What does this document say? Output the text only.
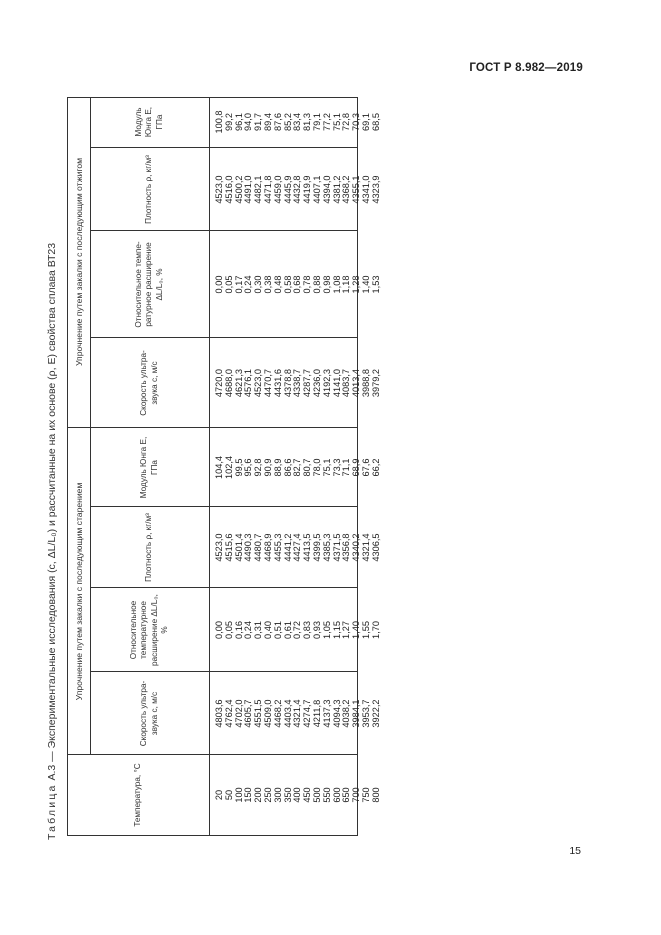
ГОСТ Р 8.982—2019
15
Таблица А.3 — Экспериментальные исследования (c, ΔL/L₀) и рассчитанные на их основе (ρ, E) свойства сплава ВТ23	Упрочнение путем закалки с последующим старением
Упрочнение путем закалки с последующим отжигом
Температура, °С
Скорость ультра-звука c, м/с
Относительное температурное расширение ΔL/L₀, %
Плотность ρ, кг/м³
Модуль Юнга E, ГПа
Скорость ультра-звука c, м/с
Относительное темпе-ратурное расширение ΔL/L₀, %
Плотность ρ, кг/м³
Модуль Юнга E, ГПа
20 50 100 150 200 250 300 350 400 450 500 550 600 650 700 750 800
4803,6 4762,4 4702,0 4605,7 4551,5 4509,0 4468,2 4403,4 4321,4 4274,7 4211,8 4137,3 4094,3 4038,2 3984,1 3953,7 3922,2
0,00 0,05 0,16 0,24 0,31 0,40 0,51 0,61 0,72 0,83 0,93 1,05 1,15 1,27 1,40 1,55 1,70
4523,0 4515,6 4501,4 4490,3 4480,7 4468,9 4455,3 4441,2 4427,4 4413,5 4399,5 4385,3 4371,5 4356,8 4340,2 4321,4 4306,5
104,4 102,4 99,5 95,6 92,8 90,9 88,9 86,6 82,7 80,7 78,0 75,1 73,3 71,1 68,9 67,6 66,2
4720,0 4688,0 4621,3 4576,1 4523,0 4470,7 4431,6 4378,8 4338,7 4287,7 4236,0 4192,3 4141,0 4083,7 4013,4 3988,8 3979,2
0,00 0,05 0,17 0,24 0,30 0,38 0,48 0,58 0,68 0,78 0,88 0,98 1,08 1,18 1,28 1,40 1,53
4523,0 4516,0 4500,2 4491,0 4482,1 4471,8 4459,0 4445,9 4432,8 4419,9 4407,1 4394,0 4381,2 4368,2 4355,1 4341,0 4323,9
100,8 99,2 96,1 94,0 91,7 89,4 87,6 85,2 83,4 81,3 79,1 77,2 75,1 72,8 70,3 69,1 68,5
